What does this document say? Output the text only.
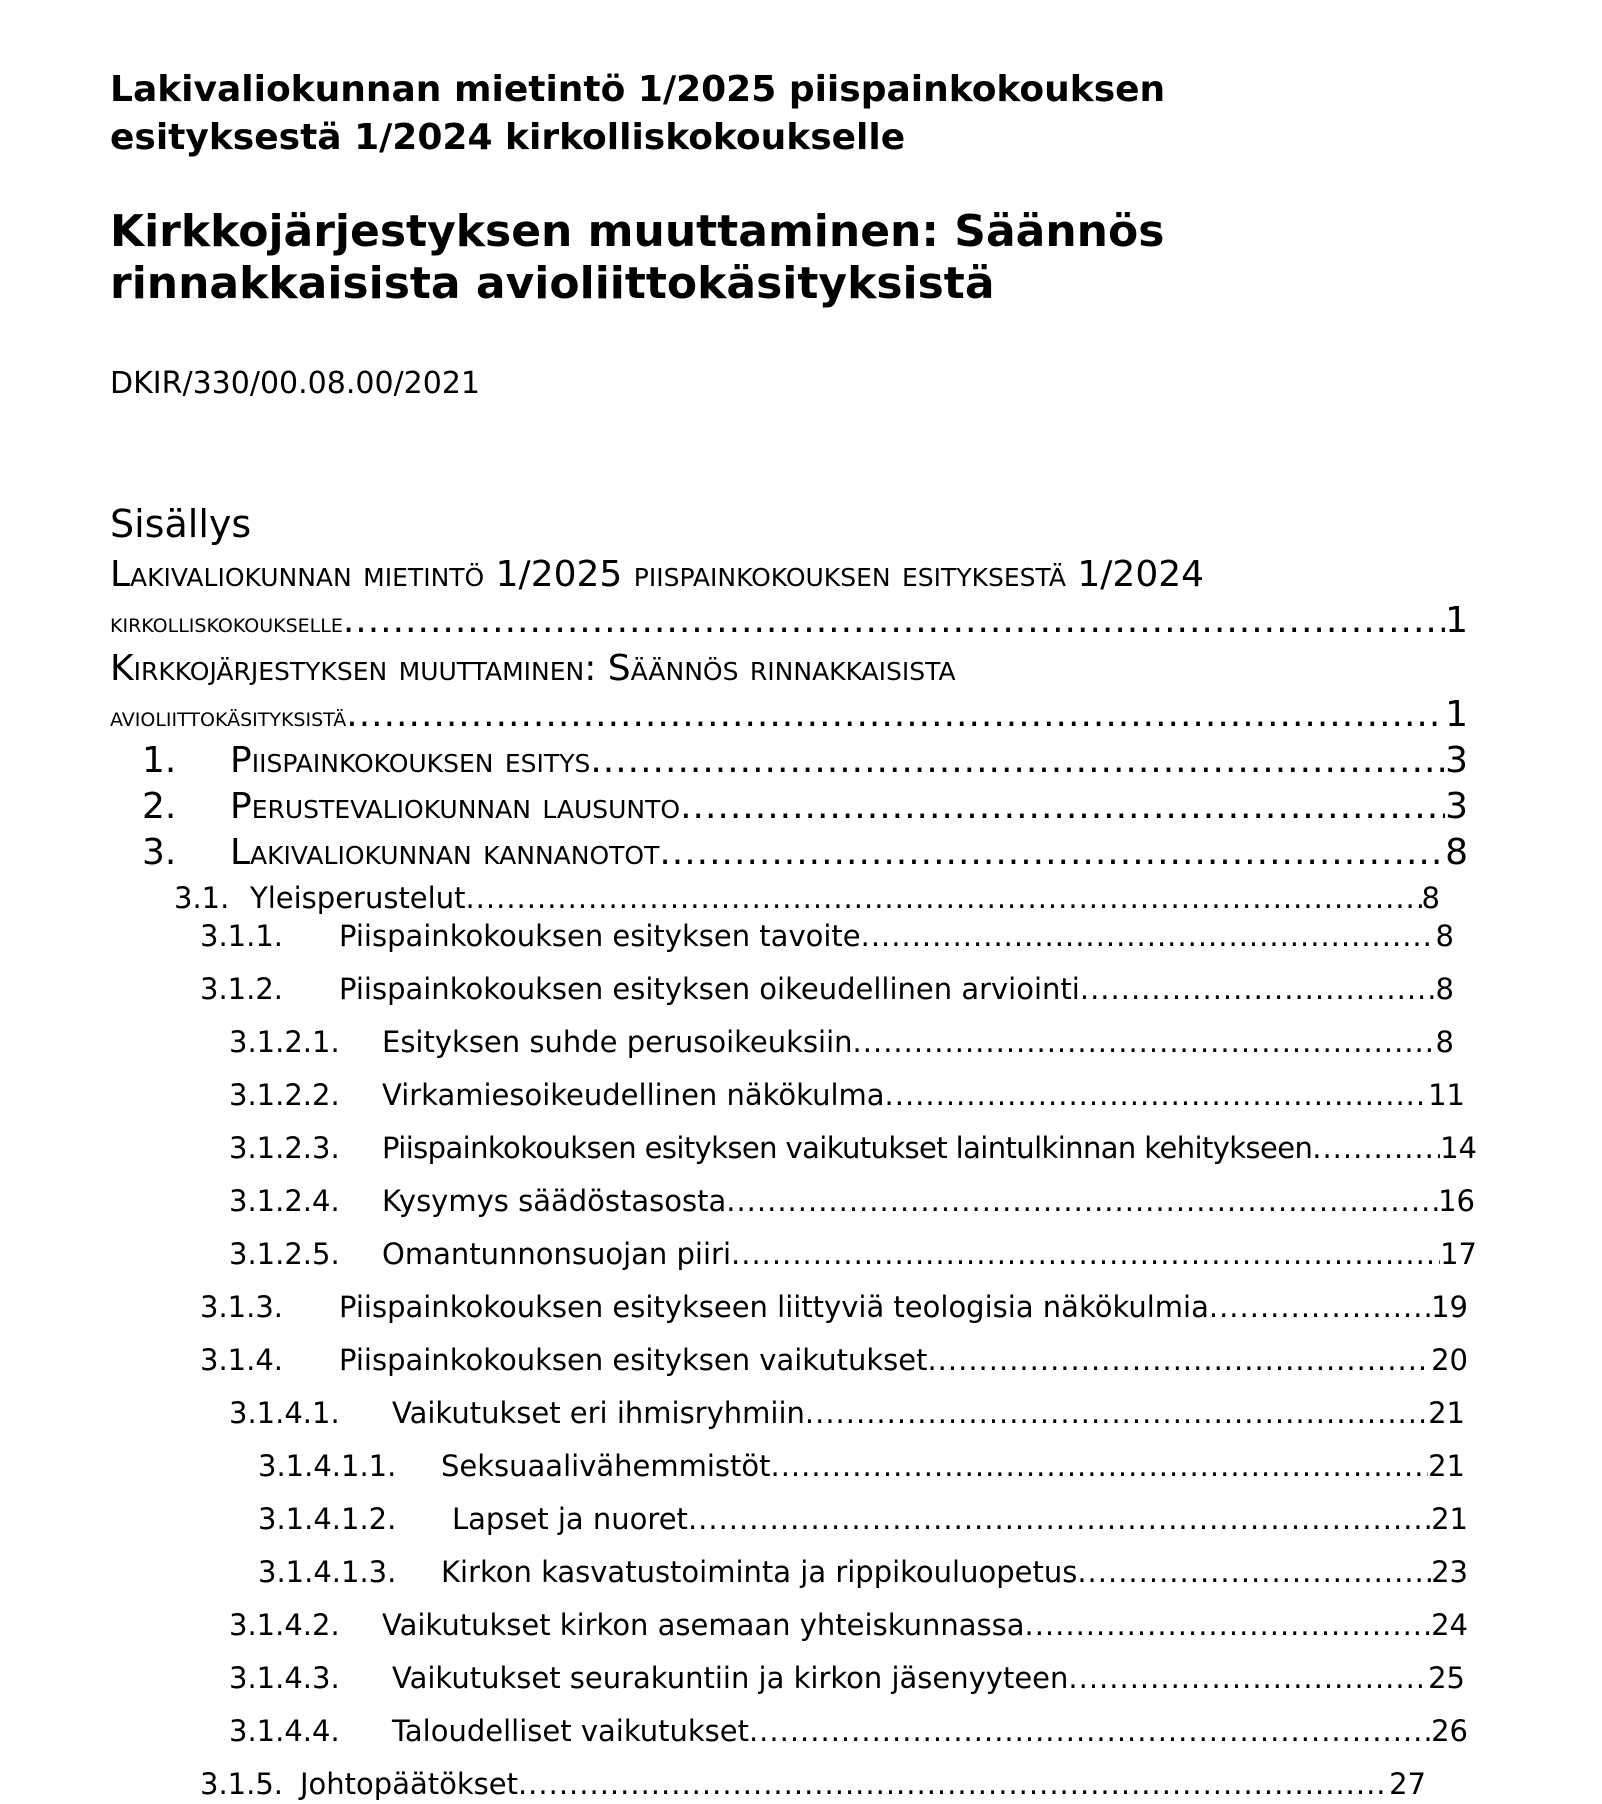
Lakivaliokunnan mietintö 1/2025 piispainkokouksen
esityksestä 1/2024 kirkolliskokoukselle
Kirkkojärjestyksen muuttaminen: Säännös
rinnakkaisista avioliittokäsityksistä
DKIR/330/00.08.00/2021
Sisällys
Lakivaliokunnan mietintö 1/2025 piispainkokouksen esityksestä 1/2024
kirkolliskokoukselle .....	1
Kirkkojärjestyksen muuttaminen: Säännös rinnakkaisista
avioliittokäsityksistä .....	1
1.	Piispainkokouksen esitys .....	3
2.	Perustevaliokunnan lausunto .....	3
3.	Lakivaliokunnan kannanotot .....	8
3.1. Yleisperustelut .....	8
3.1.1.	Piispainkokouksen esityksen tavoite .....	8
3.1.2.	Piispainkokouksen esityksen oikeudellinen arviointi .....	8
3.1.2.1.	Esityksen suhde perusoikeuksiin .....	8
3.1.2.2.	Virkamiesoikeudellinen näkökulma .....	11
3.1.2.3.	Piispainkokouksen esityksen vaikutukset laintulkinnan kehitykseen .....	14
3.1.2.4.	Kysymys säädöstasosta .....	16
3.1.2.5.	Omantunnonsuojan piiri .....	17
3.1.3.	Piispainkokouksen esitykseen liittyviä teologisia näkökulmia .....	19
3.1.4.	Piispainkokouksen esityksen vaikutukset .....	20
3.1.4.1.	Vaikutukset eri ihmisryhmiin .....	21
3.1.4.1.1.	Seksuaalivähemmistöt .....	21
3.1.4.1.2.	Lapset ja nuoret .....	21
3.1.4.1.3.	Kirkon kasvatustoiminta ja rippikouluopetus .....	23
3.1.4.2.	Vaikutukset kirkon asemaan yhteiskunnassa .....	24
3.1.4.3.	Vaikutukset seurakuntiin ja kirkon jäsenyyteen .....	25
3.1.4.4.	Taloudelliset vaikutukset .....	26
3.1.5. Johtopäätökset .....	27
